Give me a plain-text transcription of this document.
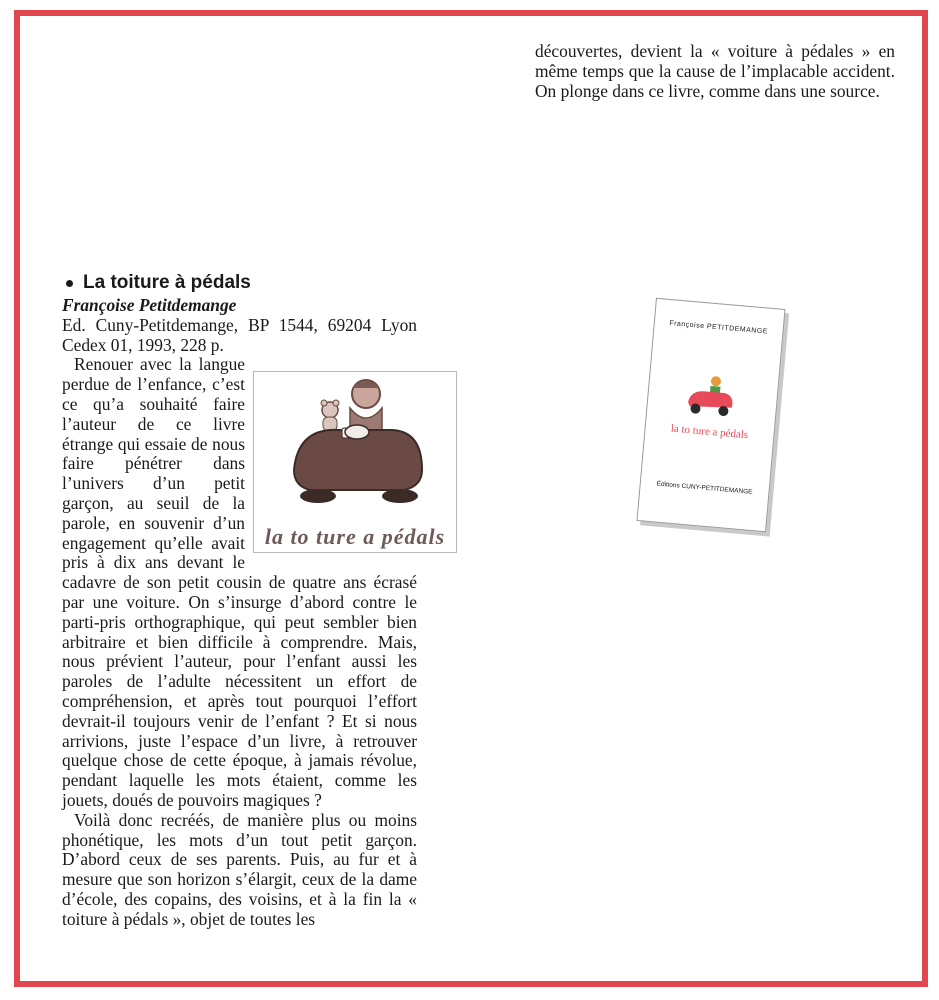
découvertes, devient la « voiture à pédales » en même temps que la cause de l’implacable accident. On plonge dans ce livre, comme dans une source.

La toiture à pédals

Françoise Petitdemange

Ed. Cuny-Petitdemange, BP 1544, 69204 Lyon Cedex 01, 1993, 228 p.

la to ture a pédals

Renouer avec la langue perdue de l’enfance, c’est ce qu’a souhaité faire l’auteur de ce livre étrange qui essaie de nous faire pénétrer dans l’univers d’un petit garçon, au seuil de la parole, en souvenir d’un engagement qu’elle avait pris à dix ans devant le cadavre de son petit cousin de quatre ans écrasé par une voiture. On s’insurge d’abord contre le parti-pris orthographique, qui peut sembler bien arbitraire et bien difficile à comprendre. Mais, nous prévient l’auteur, pour l’enfant aussi les paroles de l’adulte nécessitent un effort de compréhension, et après tout pourquoi l’effort devrait-il toujours venir de l’enfant ? Et si nous arrivions, juste l’espace d’un livre, à retrouver quelque chose de cette époque, à jamais révolue, pendant laquelle les mots étaient, comme les jouets, doués de pouvoirs magiques ?

Voilà donc recréés, de manière plus ou moins phonétique, les mots d’un tout petit garçon. D’abord ceux de ses parents. Puis, au fur et à mesure que son horizon s’élargit, ceux de la dame d’école, des copains, des voisins, et à la fin la « toiture à pédals », objet de toutes les

Françoise PETITDEMANGE
la to ture a pédals
Éditions CUNY-PETITDEMANGE
